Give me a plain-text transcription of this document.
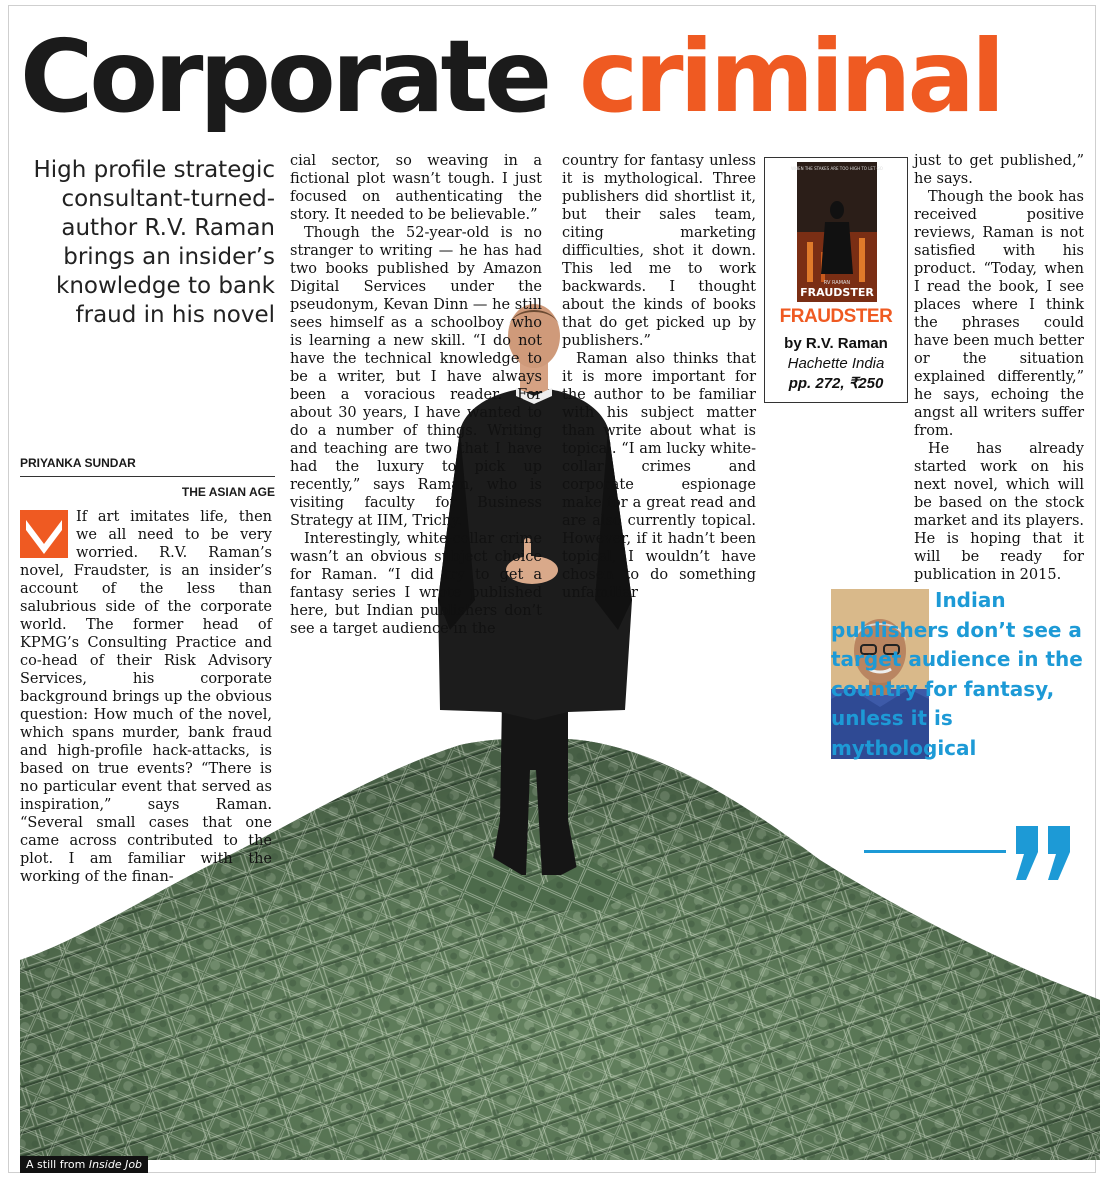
Corporate criminal
High profile strategic consultant-turned-author R.V. Raman brings an insider’s knowledge to bank fraud in his novel
PRIYANKA SUNDAR
THE ASIAN AGE

If art imitates life, then we all need to be very worried. R.V. Raman’s novel, Fraudster, is an insider’s account of the less than salubrious side of the corporate world. The former head of KPMG’s Consulting Practice and co-head of their Risk Advisory Services, his corporate background brings up the obvious question: How much of the novel, which spans murder, bank fraud and high-profile hack-attacks, is based on true events? “There is no particular event that served as inspiration,” says Raman. “Several small cases that one came across contributed to the plot. I am familiar with the working of the finan-

cial sector, so weaving in a fictional plot wasn’t tough. I just focused on authenticating the story. It needed to be believable.”

Though the 52-year-old is no stranger to writing — he has had two books published by Amazon Digital Services under the pseudonym, Kevan Dinn — he still sees himself as a schoolboy who is learning a new skill. “I do not have the technical knowledge to be a writer, but I have always been a voracious reader. For about 30 years, I have wanted to do a number of things. Writing and teaching are two that I have had the luxury to pick up recently,” says Raman, who is visiting faculty for Business Strategy at IIM, Trichy.

Interestingly, white-collar crime wasn’t an obvious subject choice for Raman. “I did try to get a fantasy series I wrote published here, but Indian publishers don’t see a target audience in the

country for fantasy unless it is mythological. Three publishers did shortlist it, but their sales team, citing marketing difficulties, shot it down. This led me to work backwards. I thought about the kinds of books that do get picked up by publishers.”

Raman also thinks that it is more important for the author to be familiar with his subject matter than write about what is topical. “I am lucky white-collar crimes and corporate espionage make for a great read and are also currently topical. However, if it hadn’t been topical, I wouldn’t have chosen to do something unfamiliar

WHEN THE STAKES ARE TOO HIGH TO LET GO
RV RAMAN
FRAUDSTER
FRAUDSTER
by R.V. Raman
Hachette India
pp. 272, ₹250

just to get published,” he says.

Though the book has received positive reviews, Raman is not satisfied with his product. “Today, when I read the book, I see places where I think the phrases could have been much better or the situation explained differently,” he says, echoing the angst all writers suffer from.

He has already started work on his next novel, which will be based on the stock market and its players. He is hoping that it will be ready for publication in 2015.

Indian publishers don’t see a target audience in the country for fantasy, unless it is mythological
A still from Inside Job
